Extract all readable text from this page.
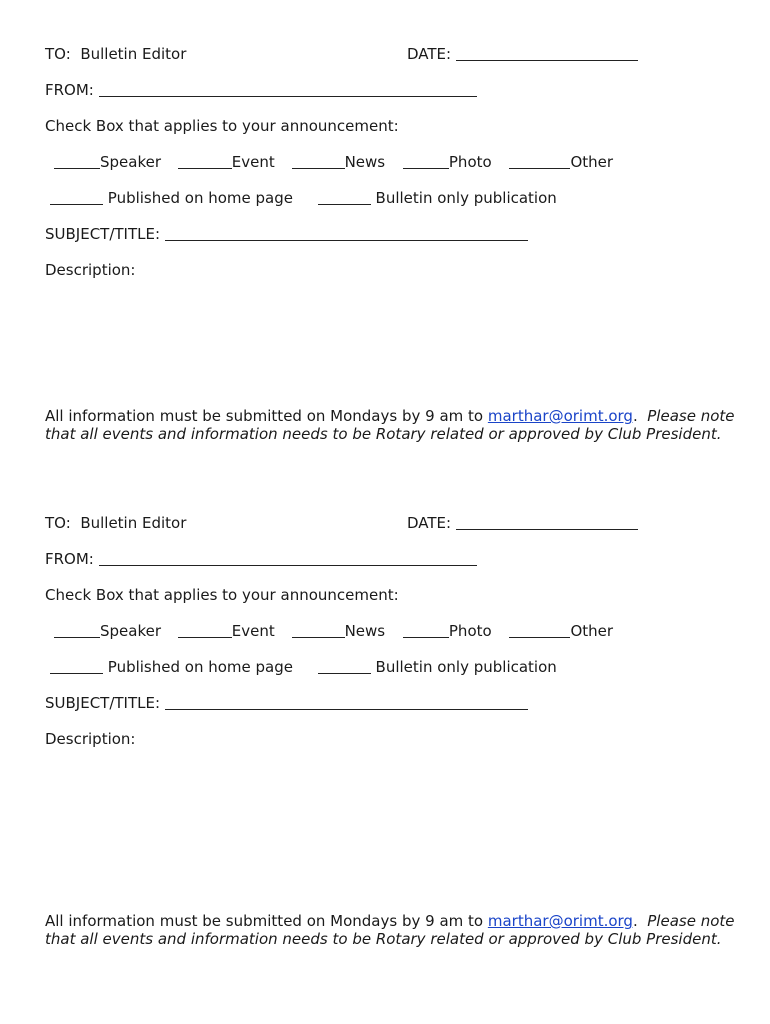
TO: Bulletin Editor	DATE:
FROM:
Check Box that applies to your announcement:
Speaker	Event	News	Photo	Other
Published on home page	Bulletin only publication
SUBJECT/TITLE:
Description:
All information must be submitted on Mondays by 9 am to marthar@orimt.org.  Please note that all events and information needs to be Rotary related or approved by Club President.
TO: Bulletin Editor	DATE:
FROM:
Check Box that applies to your announcement:
Speaker	Event	News	Photo	Other
Published on home page	Bulletin only publication
SUBJECT/TITLE:
Description:
All information must be submitted on Mondays by 9 am to marthar@orimt.org.  Please note that all events and information needs to be Rotary related or approved by Club President.
